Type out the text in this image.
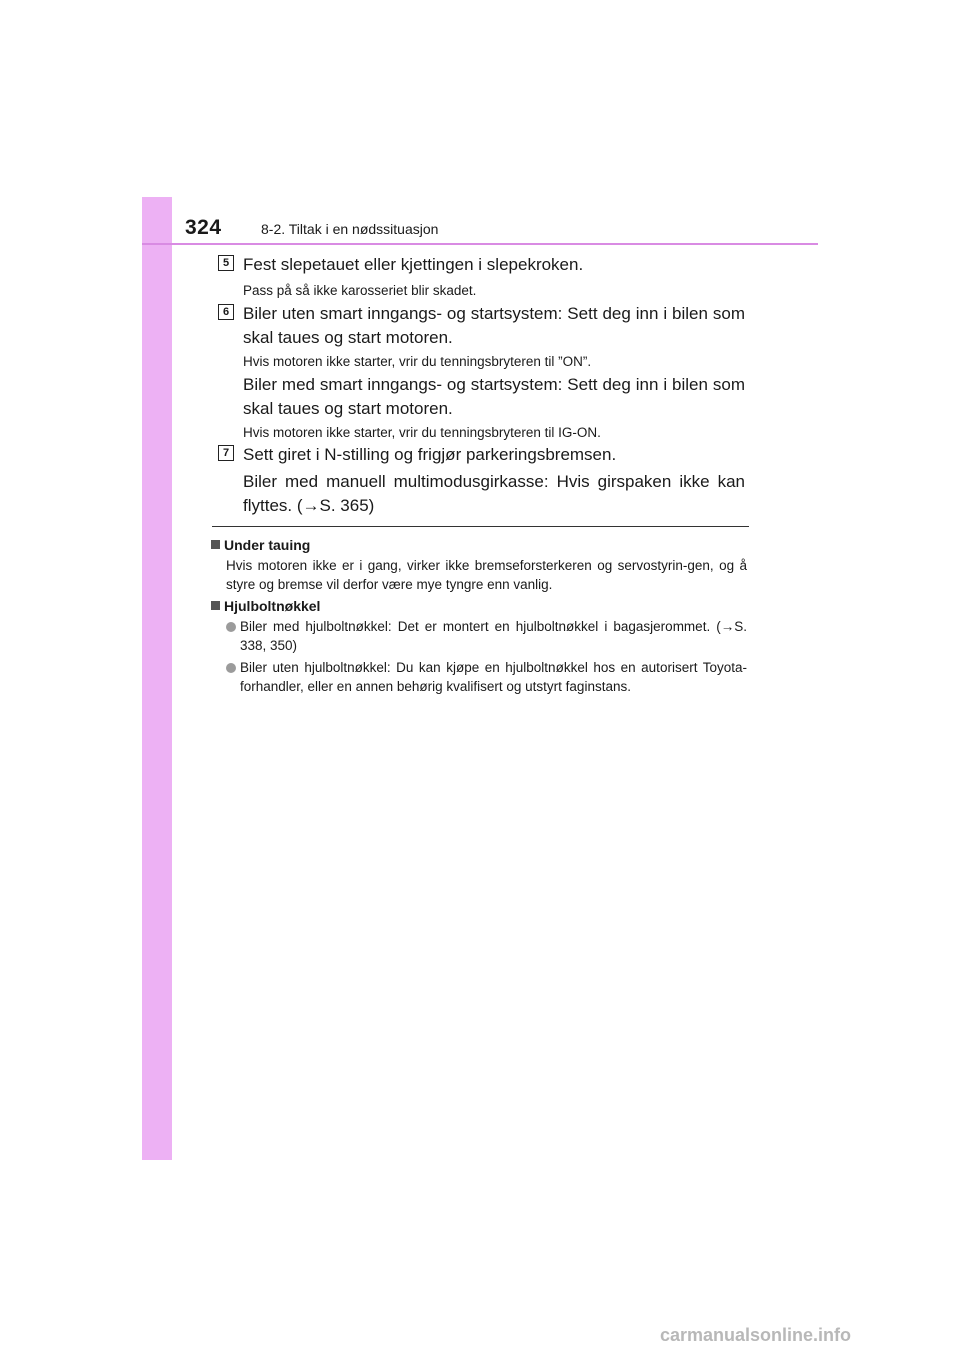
324	8-2. Tiltak i en nødssituasjon
5 Fest slepetauet eller kjettingen i slepekroken.
Pass på så ikke karosseriet blir skadet.
6 Biler uten smart inngangs- og startsystem: Sett deg inn i bilen som skal taues og start motoren.
Hvis motoren ikke starter, vrir du tenningsbryteren til ”ON”.
Biler med smart inngangs- og startsystem: Sett deg inn i bilen som skal taues og start motoren.
Hvis motoren ikke starter, vrir du tenningsbryteren til IG-ON.
7 Sett giret i N-stilling og frigjør parkeringsbremsen.
Biler med manuell multimodusgirkasse: Hvis girspaken ikke kan flyttes. (→S. 365)
Under tauing
Hvis motoren ikke er i gang, virker ikke bremseforsterkeren og servostyrin-gen, og å styre og bremse vil derfor være mye tyngre enn vanlig.
Hjulboltnøkkel
Biler med hjulboltnøkkel: Det er montert en hjulboltnøkkel i bagasjerommet. (→S. 338, 350)
Biler uten hjulboltnøkkel: Du kan kjøpe en hjulboltnøkkel hos en autorisert Toyota-forhandler, eller en annen behørig kvalifisert og utstyrt faginstans.
carmanualsonline.info
